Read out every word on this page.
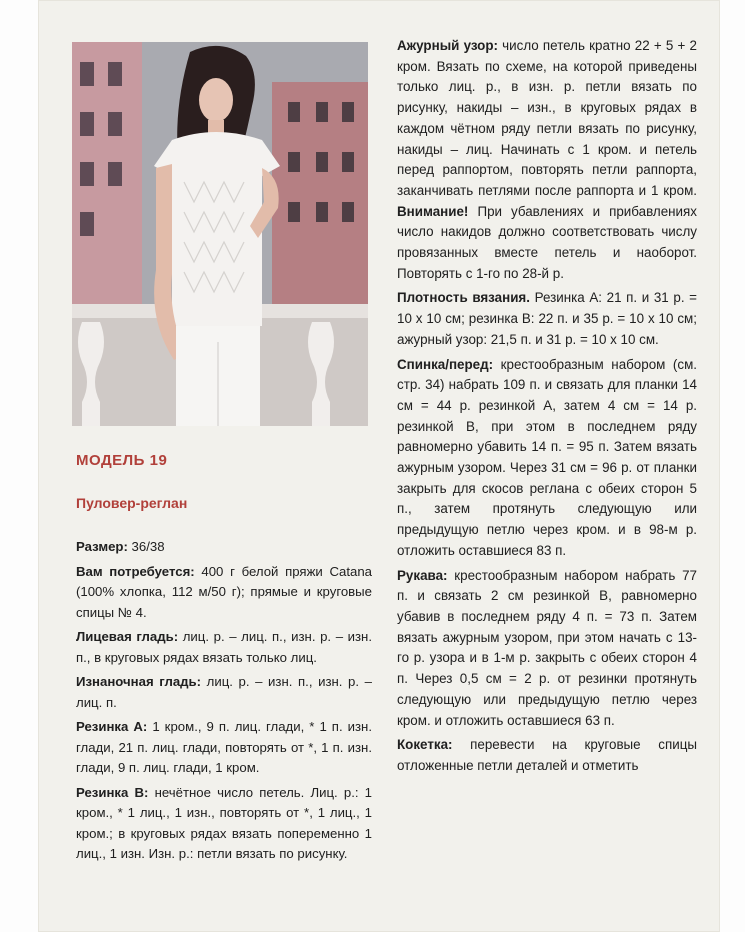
МОДЕЛЬ 19
Пуловер-реглан

Размер: 36/38

Вам потребуется: 400 г белой пряжи Catana (100% хлопка, 112 м/50 г); прямые и круговые спицы № 4.

Лицевая гладь: лиц. р. – лиц. п., изн. р. – изн. п., в круговых рядах вязать только лиц.

Изнаночная гладь: лиц. р. – изн. п., изн. р. – лиц. п.

Резинка А: 1 кром., 9 п. лиц. глади, * 1 п. изн. глади, 21 п. лиц. глади, повторять от *, 1 п. изн. глади, 9 п. лиц. глади, 1 кром.

Резинка В: нечётное число петель. Лиц. р.: 1 кром., * 1 лиц., 1 изн., повторять от *, 1 лиц., 1 кром.; в круговых рядах вязать попеременно 1 лиц., 1 изн. Изн. р.: петли вязать по рисунку.

Ажурный узор: число петель кратно 22 + 5 + 2 кром. Вязать по схеме, на которой приведены только лиц. р., в изн. р. петли вязать по рисунку, накиды – изн., в круговых рядах в каждом чётном ряду петли вязать по рисунку, накиды – лиц. Начинать с 1 кром. и петель перед раппортом, повторять петли раппорта, заканчивать петлями после раппорта и 1 кром. Внимание! При убавлениях и прибавлениях число накидов должно соответствовать числу провязанных вместе петель и наоборот. Повторять с 1-го по 28-й р.

Плотность вязания. Резинка А: 21 п. и 31 р. = 10 х 10 см; резинка В: 22 п. и 35 р. = 10 х 10 см; ажурный узор: 21,5 п. и 31 р. = 10 х 10 см.

Спинка/перед: крестообразным набором (см. стр. 34) набрать 109 п. и связать для планки 14 см = 44 р. резинкой А, затем 4 см = 14 р. резинкой В, при этом в последнем ряду равномерно убавить 14 п. = 95 п. Затем вязать ажурным узором. Через 31 см = 96 р. от планки закрыть для скосов реглана с обеих сторон 5 п., затем протянуть следующую или предыдущую петлю через кром. и в 98-м р. отложить оставшиеся 83 п.

Рукава: крестообразным набором набрать 77 п. и связать 2 см резинкой В, равномерно убавив в последнем ряду 4 п. = 73 п. Затем вязать ажурным узором, при этом начать с 13-го р. узора и в 1-м р. закрыть с обеих сторон 4 п. Через 0,5 см = 2 р. от резинки протянуть следующую или предыдущую петлю через кром. и отложить оставшиеся 63 п.

Кокетка: перевести на круговые спицы отложенные петли деталей и отметить
